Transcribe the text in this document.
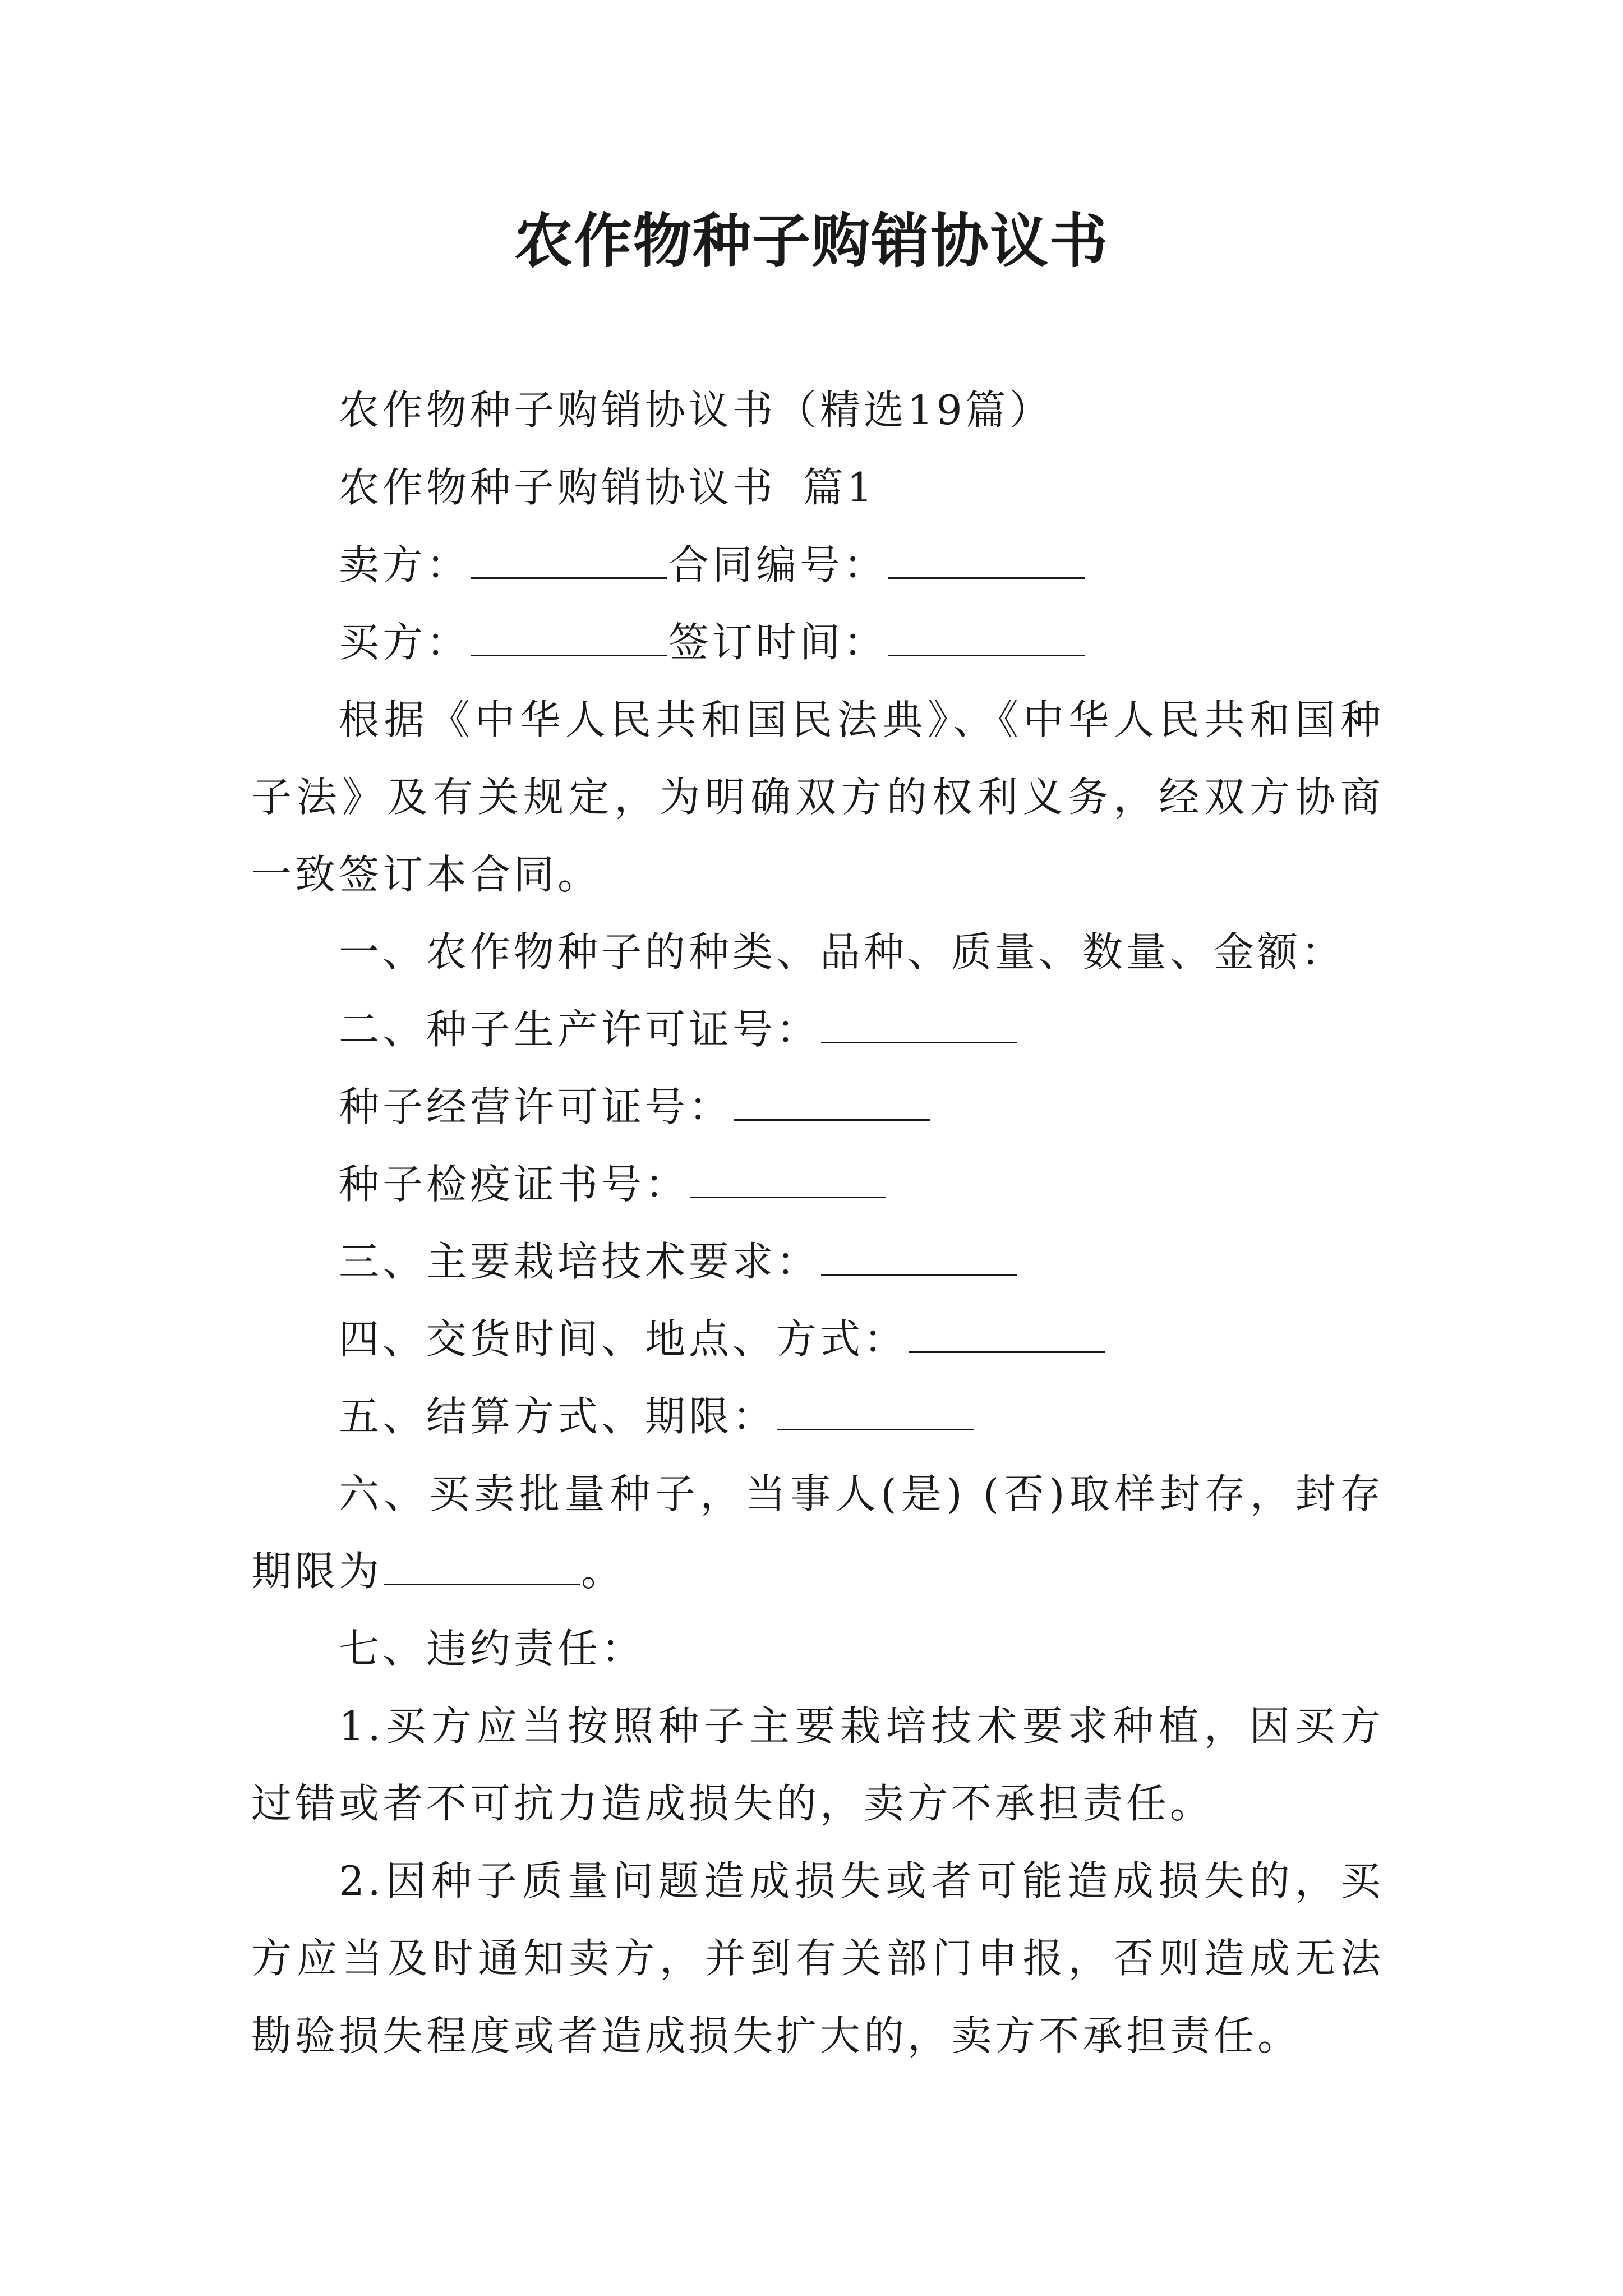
农作物种子购销协议书

农作物种子购销协议书（精选19篇）

农作物种子购销协议书 篇1

卖方：	合同编号：

买方：	签订时间：

根据《中华人民共和国民法典》、《中华人民共和国种子法》及有关规定，为明确双方的权利义务，经双方协商一致签订本合同。

一、农作物种子的种类、品种、质量、数量、金额：

二、种子生产许可证号：

种子经营许可证号：

种子检疫证书号：

三、主要栽培技术要求：

四、交货时间、地点、方式：

五、结算方式、期限：

六、买卖批量种子，当事人(是) (否)取样封存，封存期限为	。

七、违约责任：

1.买方应当按照种子主要栽培技术要求种植，因买方过错或者不可抗力造成损失的，卖方不承担责任。

2.因种子质量问题造成损失或者可能造成损失的，买方应当及时通知卖方，并到有关部门申报，否则造成无法勘验损失程度或者造成损失扩大的，卖方不承担责任。
